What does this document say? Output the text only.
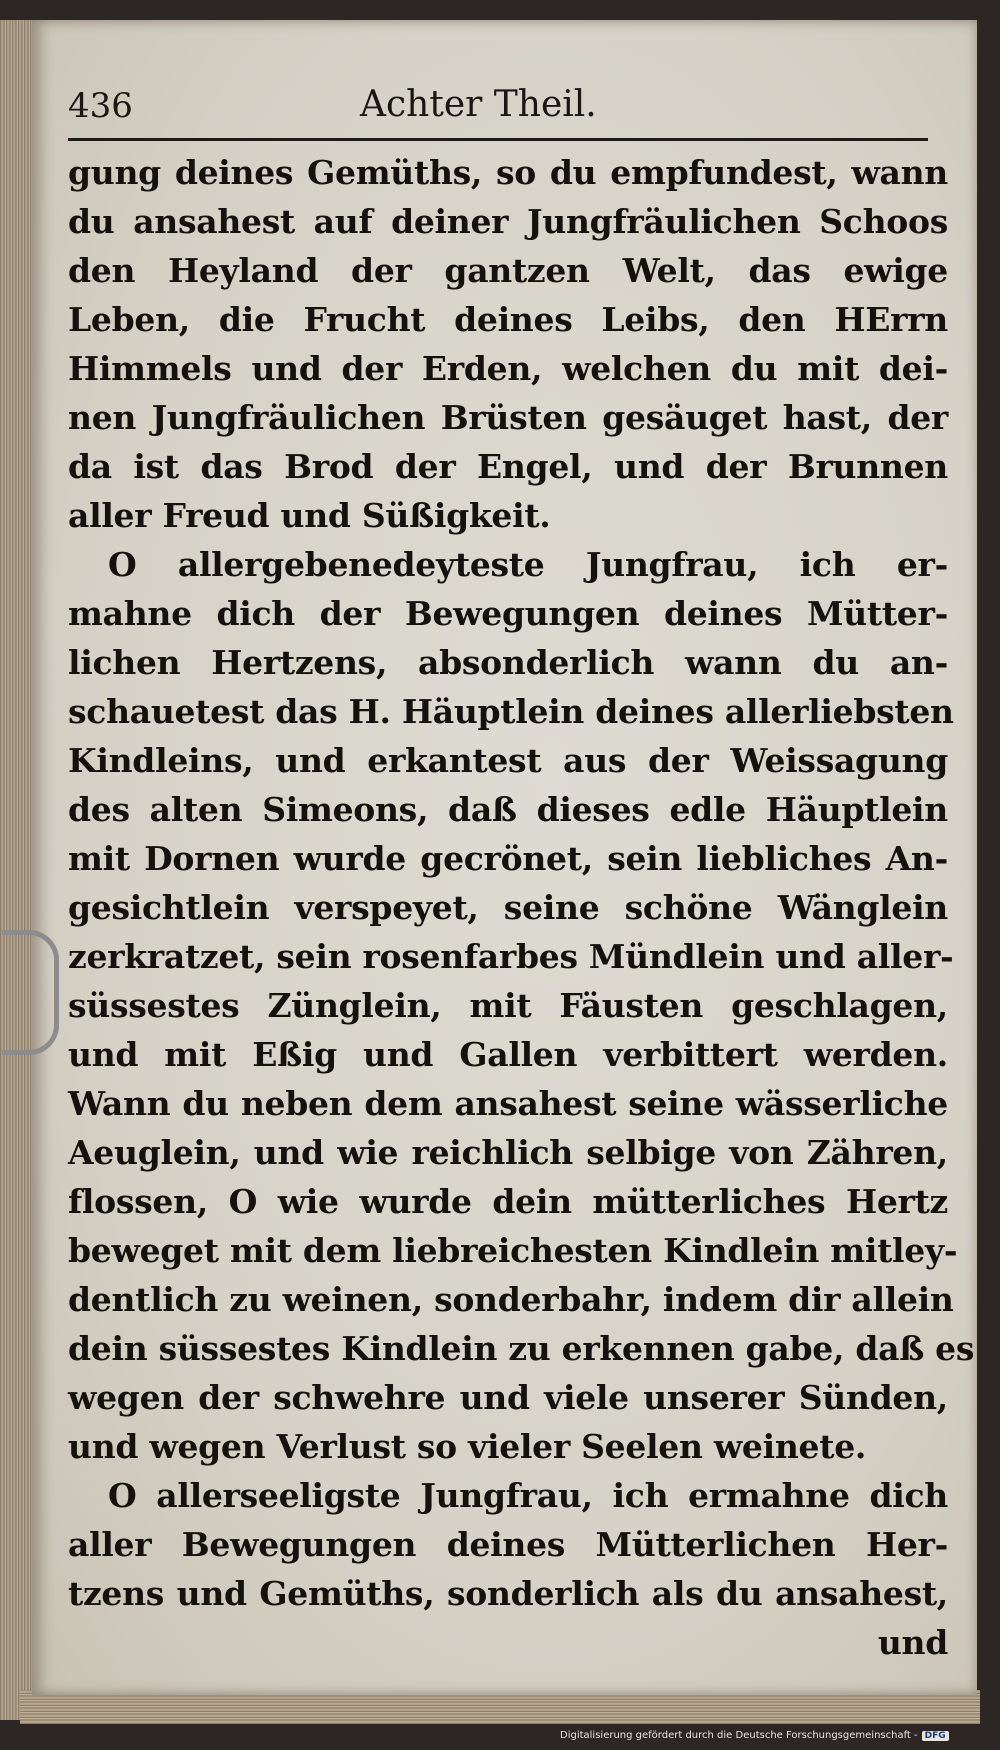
436	Achter Theil.
gung deines Gemüths, so du empfundest, wann
du ansahest auf deiner Jungfräulichen Schoos
den Heyland der gantzen Welt, das ewige
Leben, die Frucht deines Leibs, den HErrn
Himmels und der Erden, welchen du mit dei-
nen Jungfräulichen Brüsten gesäuget hast, der
da ist das Brod der Engel, und der Brunnen
aller Freud und Süßigkeit.
O allergebenedeyteste Jungfrau, ich er-
mahne dich der Bewegungen deines Mütter-
lichen Hertzens, absonderlich wann du an-
schauetest das H. Häuptlein deines allerliebsten
Kindleins, und erkantest aus der Weissagung
des alten Simeons, daß dieses edle Häuptlein
mit Dornen wurde gecrönet, sein liebliches An-
gesichtlein verspeyet, seine schöne Wänglein
zerkratzet, sein rosenfarbes Mündlein und aller-
süssestes Zünglein, mit Fäusten geschlagen,
und mit Eßig und Gallen verbittert werden.
Wann du neben dem ansahest seine wässerliche
Aeuglein, und wie reichlich selbige von Zähren,
flossen, O wie wurde dein mütterliches Hertz
beweget mit dem liebreichesten Kindlein mitley-
dentlich zu weinen, sonderbahr, indem dir allein
dein süssestes Kindlein zu erkennen gabe, daß es
wegen der schwehre und viele unserer Sünden,
und wegen Verlust so vieler Seelen weinete.
O allerseeligste Jungfrau, ich ermahne dich
aller Bewegungen deines Mütterlichen Her-
tzens und Gemüths, sonderlich als du ansahest,
und
Digitalisierung gefördert durch die Deutsche Forschungsgemeinschaft - DFG
